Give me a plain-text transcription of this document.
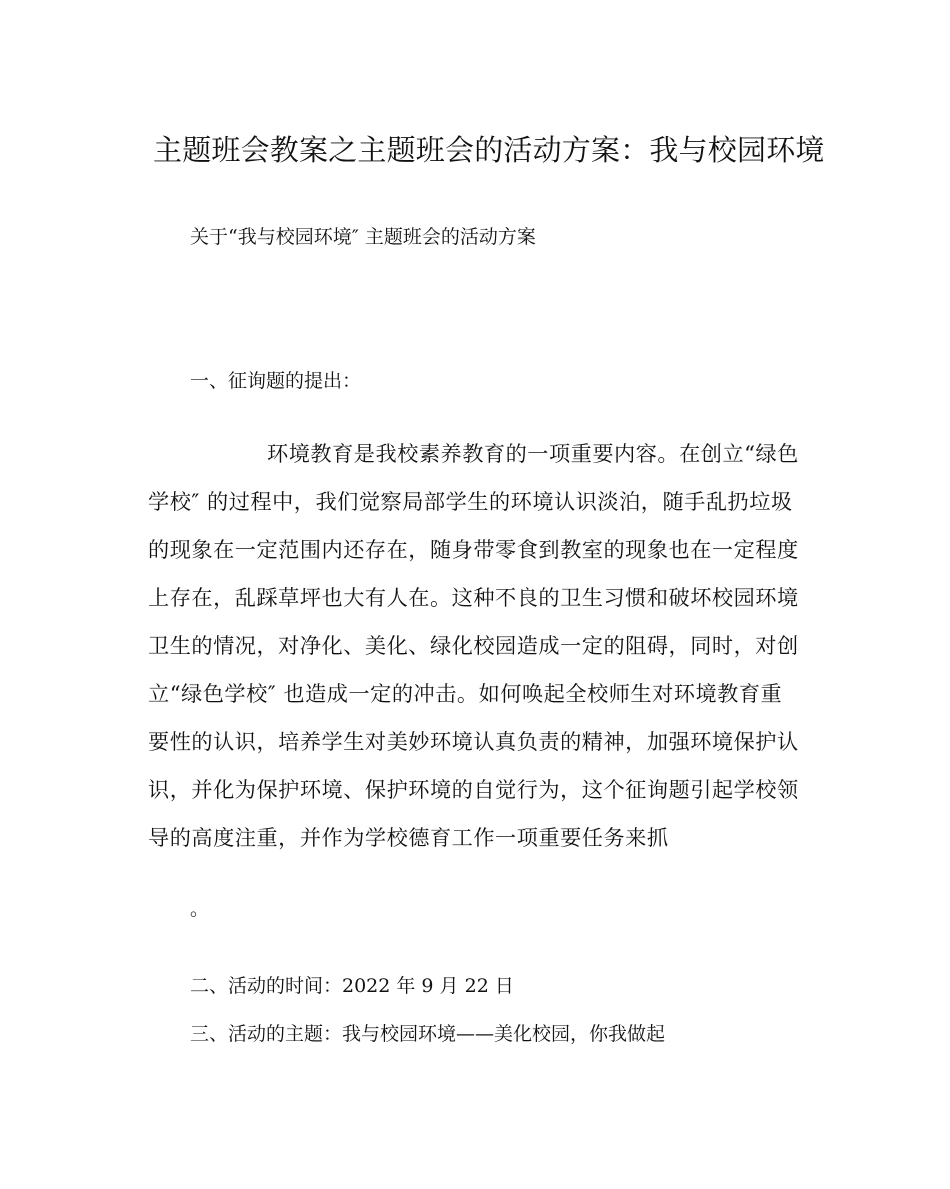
主题班会教案之主题班会的活动方案：我与校园环境
关于“我与校园环境″ 主题班会的活动方案
一、征询题的提出：
环境教育是我校素养教育的一项重要内容。在创立“绿色
学校″ 的过程中，我们觉察局部学生的环境认识淡泊，随手乱扔垃圾
的现象在一定范围内还存在，随身带零食到教室的现象也在一定程度
上存在，乱踩草坪也大有人在。这种不良的卫生习惯和破坏校园环境
卫生的情况，对净化、美化、绿化校园造成一定的阻碍，同时，对创
立“绿色学校″ 也造成一定的冲击。如何唤起全校师生对环境教育重
要性的认识，培养学生对美妙环境认真负责的精神，加强环境保护认
识，并化为保护环境、保护环境的自觉行为，这个征询题引起学校领
导的高度注重，并作为学校德育工作一项重要任务来抓
。
二、活动的时间：2022 年 9 月 22 日
三、活动的主题：我与校园环境——美化校园，你我做起
